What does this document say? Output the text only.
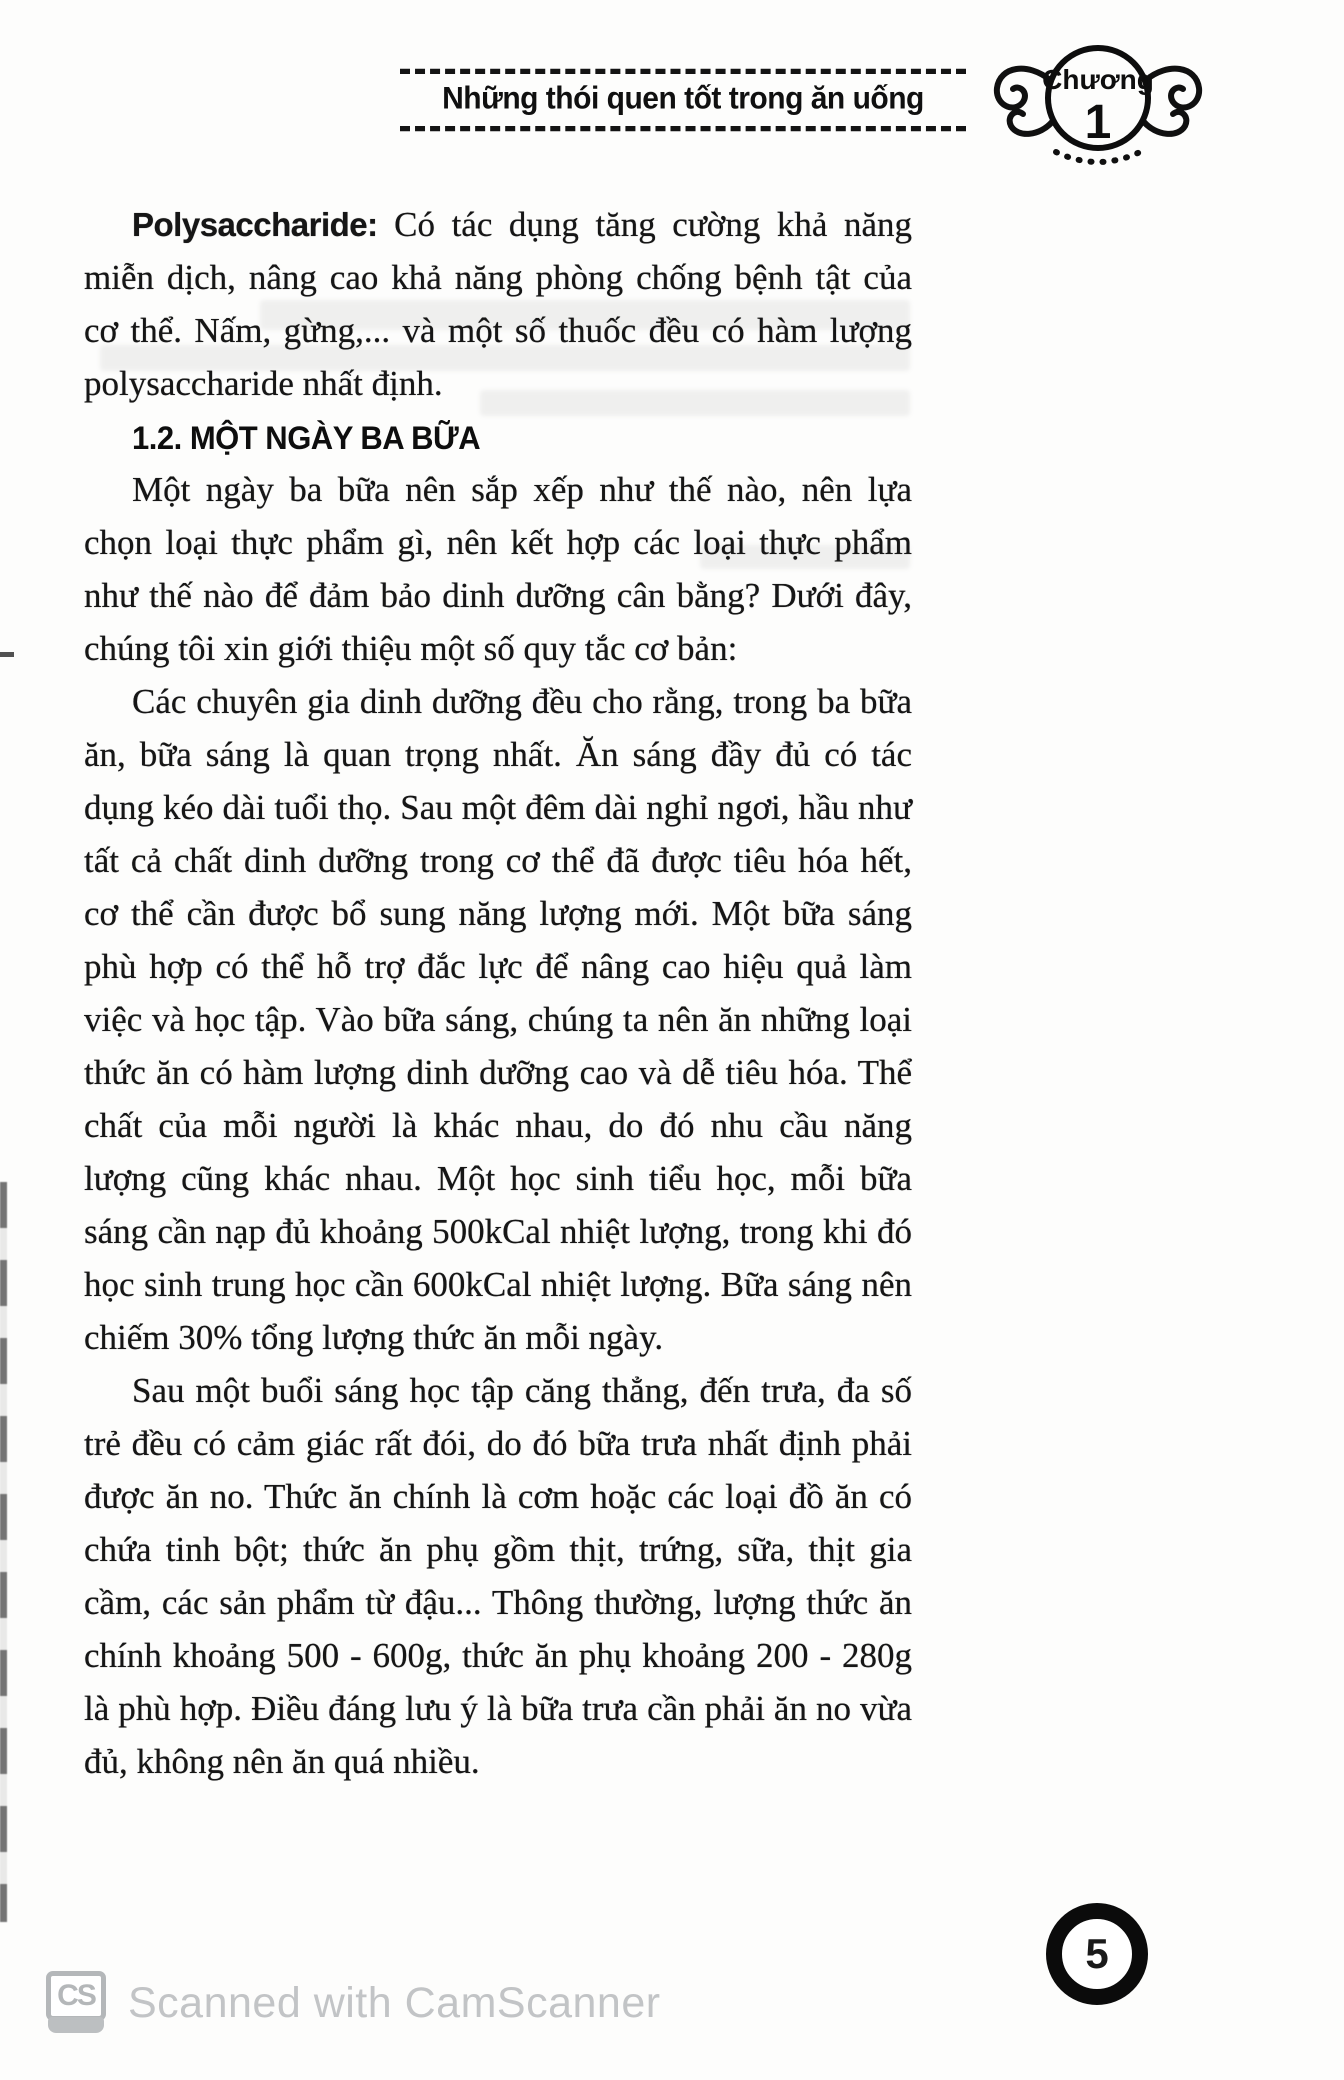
Những thói quen tốt trong ăn uống
Chương
1

Polysaccharide: Có tác dụng tăng cường khả năng miễn dịch, nâng cao khả năng phòng chống bệnh tật của cơ thể. Nấm, gừng,... và một số thuốc đều có hàm lượng polysaccharide nhất định.

1.2. MỘT NGÀY BA BỮA

Một ngày ba bữa nên sắp xếp như thế nào, nên lựa chọn loại thực phẩm gì, nên kết hợp các loại thực phẩm như thế nào để đảm bảo dinh dưỡng cân bằng? Dưới đây, chúng tôi xin giới thiệu một số quy tắc cơ bản:

Các chuyên gia dinh dưỡng đều cho rằng, trong ba bữa ăn, bữa sáng là quan trọng nhất. Ăn sáng đầy đủ có tác dụng kéo dài tuổi thọ. Sau một đêm dài nghỉ ngơi, hầu như tất cả chất dinh dưỡng trong cơ thể đã được tiêu hóa hết, cơ thể cần được bổ sung năng lượng mới. Một bữa sáng phù hợp có thể hỗ trợ đắc lực để nâng cao hiệu quả làm việc và học tập. Vào bữa sáng, chúng ta nên ăn những loại thức ăn có hàm lượng dinh dưỡng cao và dễ tiêu hóa. Thể chất của mỗi người là khác nhau, do đó nhu cầu năng lượng cũng khác nhau. Một học sinh tiểu học, mỗi bữa sáng cần nạp đủ khoảng 500kCal nhiệt lượng, trong khi đó học sinh trung học cần 600kCal nhiệt lượng. Bữa sáng nên chiếm 30% tổng lượng thức ăn mỗi ngày.

Sau một buổi sáng học tập căng thẳng, đến trưa, đa số trẻ đều có cảm giác rất đói, do đó bữa trưa nhất định phải được ăn no. Thức ăn chính là cơm hoặc các loại đồ ăn có chứa tinh bột; thức ăn phụ gồm thịt, trứng, sữa, thịt gia cầm, các sản phẩm từ đậu... Thông thường, lượng thức ăn chính khoảng 500 - 600g, thức ăn phụ khoảng 200 - 280g là phù hợp. Điều đáng lưu ý là bữa trưa cần phải ăn no vừa đủ, không nên ăn quá nhiều.

5
CS Scanned with CamScanner
